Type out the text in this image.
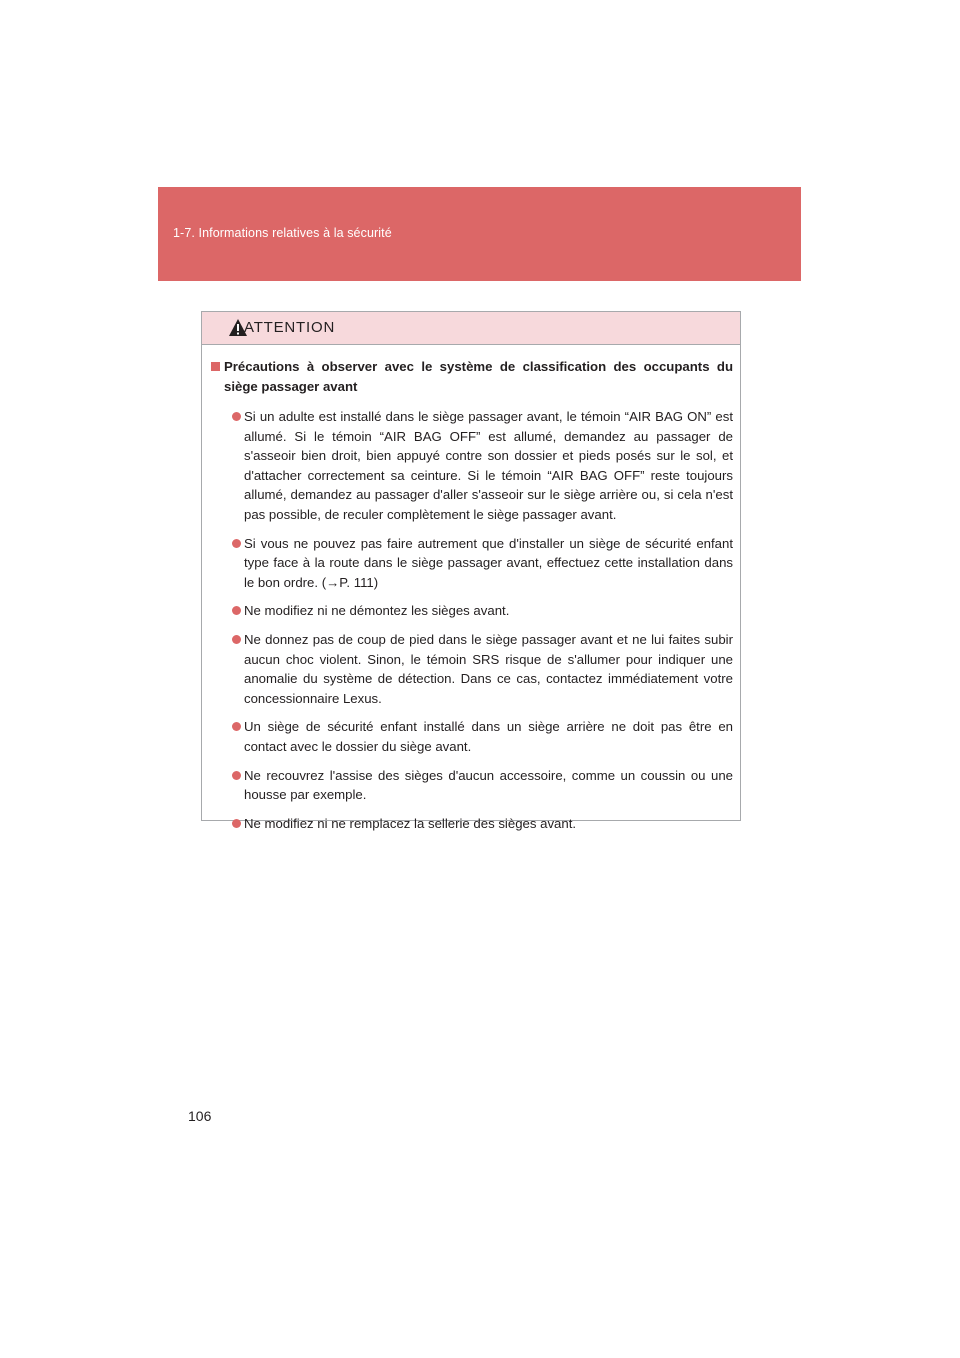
1-7. Informations relatives à la sécurité
ATTENTION
Précautions à observer avec le système de classification des occupants du siège passager avant
Si un adulte est installé dans le siège passager avant, le témoin “AIR BAG ON” est allumé. Si le témoin “AIR BAG OFF” est allumé, demandez au passager de s'asseoir bien droit, bien appuyé contre son dossier et pieds posés sur le sol, et d'attacher correctement sa ceinture. Si le témoin “AIR BAG OFF” reste toujours allumé, demandez au passager d'aller s'asseoir sur le siège arrière ou, si cela n'est pas possible, de reculer complètement le siège passager avant.
Si vous ne pouvez pas faire autrement que d'installer un siège de sécurité enfant type face à la route dans le siège passager avant, effectuez cette installation dans le bon ordre. (→P. 111)
Ne modifiez ni ne démontez les sièges avant.
Ne donnez pas de coup de pied dans le siège passager avant et ne lui faites subir aucun choc violent. Sinon, le témoin SRS risque de s'allumer pour indiquer une anomalie du système de détection. Dans ce cas, contactez immédiatement votre concessionnaire Lexus.
Un siège de sécurité enfant installé dans un siège arrière ne doit pas être en contact avec le dossier du siège avant.
Ne recouvrez l'assise des sièges d'aucun accessoire, comme un coussin ou une housse par exemple.
Ne modifiez ni ne remplacez la sellerie des sièges avant.
106
